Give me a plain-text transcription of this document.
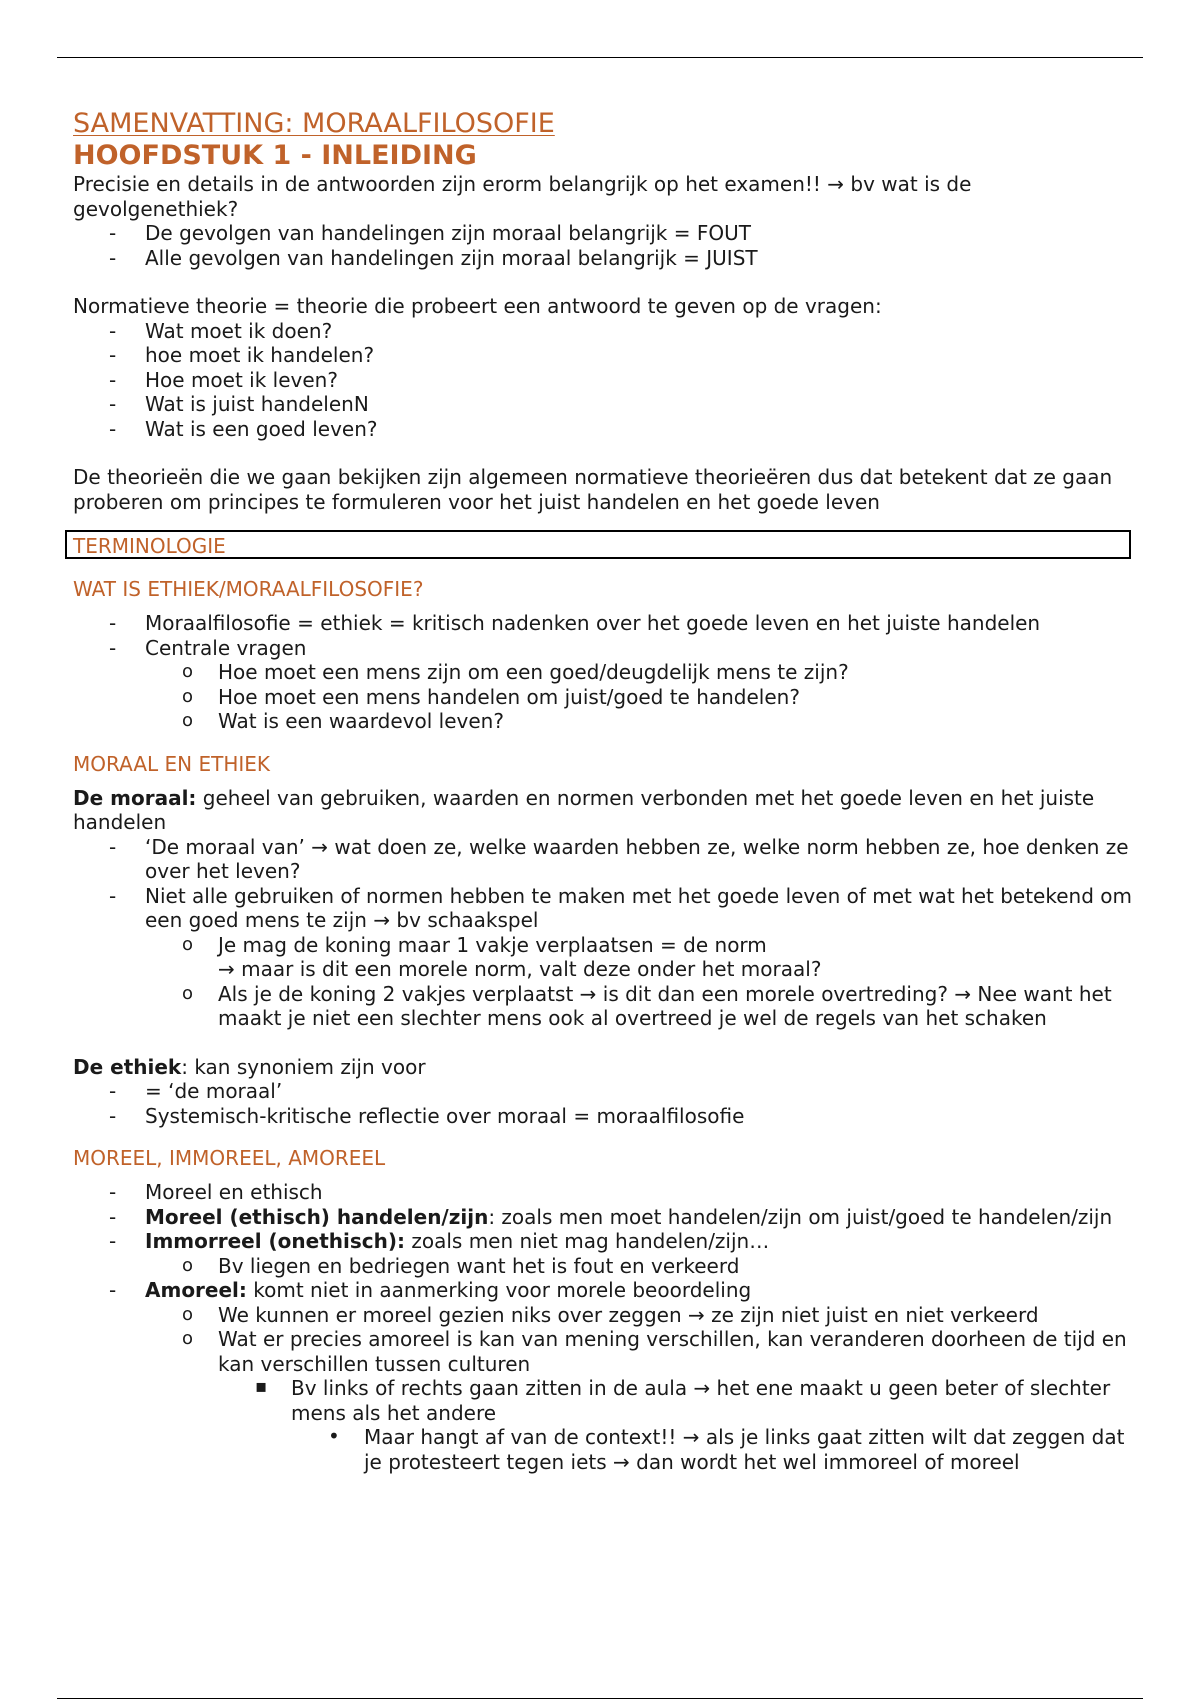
SAMENVATTING: MORAALFILOSOFIE
HOOFDSTUK 1 - INLEIDING

Precisie en details in de antwoorden zijn erorm belangrijk op het examen!! → bv wat is de gevolgenethiek?

- De gevolgen van handelingen zijn moraal belangrijk = FOUT
- Alle gevolgen van handelingen zijn moraal belangrijk = JUIST

Normatieve theorie = theorie die probeert een antwoord te geven op de vragen:

- Wat moet ik doen?
- hoe moet ik handelen?
- Hoe moet ik leven?
- Wat is juist handelenN
- Wat is een goed leven?

De theorieën die we gaan bekijken zijn algemeen normatieve theorieëren dus dat betekent dat ze gaan proberen om principes te formuleren voor het juist handelen en het goede leven

TERMINOLOGIE
WAT IS ETHIEK/MORAALFILOSOFIE?
- Moraalfilosofie = ethiek = kritisch nadenken over het goede leven en het juiste handelen
- Centrale vragen
o Hoe moet een mens zijn om een goed/deugdelijk mens te zijn?
o Hoe moet een mens handelen om juist/goed te handelen?
o Wat is een waardevol leven?
MORAAL EN ETHIEK

De moraal: geheel van gebruiken, waarden en normen verbonden met het goede leven en het juiste handelen

- ‘De moraal van’ → wat doen ze, welke waarden hebben ze, welke norm hebben ze, hoe denken ze over het leven?
- Niet alle gebruiken of normen hebben te maken met het goede leven of met wat het betekend om een goed mens te zijn → bv schaakspel
o Je mag de koning maar 1 vakje verplaatsen = de norm
→ maar is dit een morele norm, valt deze onder het moraal?
o Als je de koning 2 vakjes verplaatst → is dit dan een morele overtreding? → Nee want het maakt je niet een slechter mens ook al overtreed je wel de regels van het schaken

De ethiek: kan synoniem zijn voor

- = ‘de moraal’
- Systemisch-kritische reflectie over moraal = moraalfilosofie
MOREEL, IMMOREEL, AMOREEL
- Moreel en ethisch
- Moreel (ethisch) handelen/zijn: zoals men moet handelen/zijn om juist/goed te handelen/zijn
- Immorreel (onethisch): zoals men niet mag handelen/zijn…
o Bv liegen en bedriegen want het is fout en verkeerd
- Amoreel: komt niet in aanmerking voor morele beoordeling
o We kunnen er moreel gezien niks over zeggen → ze zijn niet juist en niet verkeerd
o Wat er precies amoreel is kan van mening verschillen, kan veranderen doorheen de tijd en kan verschillen tussen culturen
▪ Bv links of rechts gaan zitten in de aula → het ene maakt u geen beter of slechter mens als het andere
• Maar hangt af van de context!! → als je links gaat zitten wilt dat zeggen dat je protesteert tegen iets → dan wordt het wel immoreel of moreel
